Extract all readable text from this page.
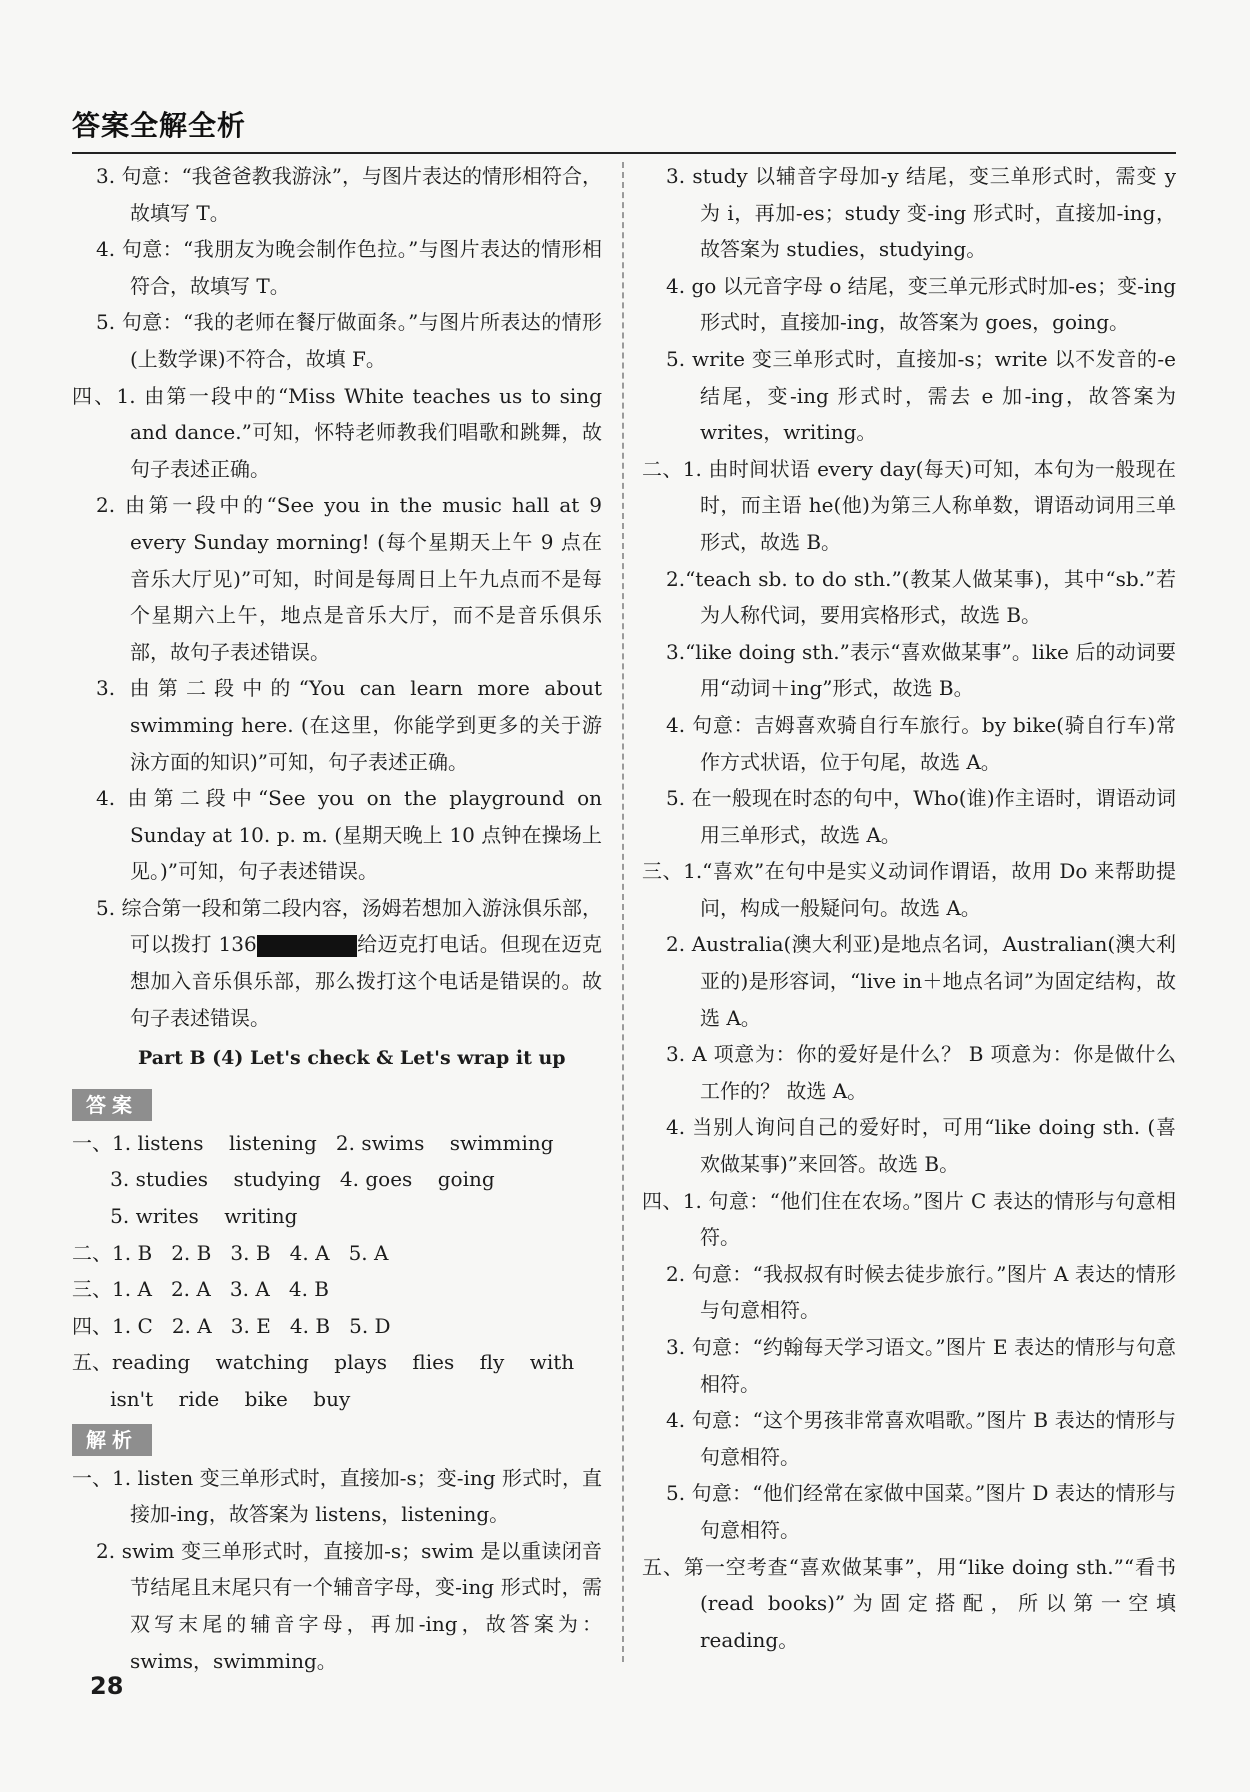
答案全解全析

3. 句意：“我爸爸教我游泳”，与图片表达的情形相符合，故填写 T。

4. 句意：“我朋友为晚会制作色拉。”与图片表达的情形相符合，故填写 T。

5. 句意：“我的老师在餐厅做面条。”与图片所表达的情形(上数学课)不符合，故填 F。

四、1. 由第一段中的“Miss White teaches us to sing and dance.”可知，怀特老师教我们唱歌和跳舞，故句子表述正确。

2. 由第一段中的“See you in the music hall at 9 every Sunday morning! (每个星期天上午 9 点在音乐大厅见)”可知，时间是每周日上午九点而不是每个星期六上午，地点是音乐大厅，而不是音乐俱乐部，故句子表述错误。

3. 由第二段中的“You can learn more about swimming here. (在这里，你能学到更多的关于游泳方面的知识)”可知，句子表述正确。

4. 由第二段中“See you on the playground on Sunday at 10. p. m. (星期天晚上 10 点钟在操场上见。)”可知，句子表述错误。

5. 综合第一段和第二段内容，汤姆若想加入游泳俱乐部，可以拨打 136	给迈克打电话。但现在迈克想加入音乐俱乐部，那么拨打这个电话是错误的。故句子表述错误。

Part B (4) Let's check & Let's wrap it up
答案

一、1. listens    listening   2. swims    swimming

3. studies    studying   4. goes    going

5. writes    writing

二、1. B   2. B   3. B   4. A   5. A

三、1. A   2. A   3. A   4. B

四、1. C   2. A   3. E   4. B   5. D

五、reading    watching    plays    flies    fly    with

isn't    ride    bike    buy

解析

一、1. listen 变三单形式时，直接加-s；变-ing 形式时，直接加-ing，故答案为 listens，listening。

2. swim 变三单形式时，直接加-s；swim 是以重读闭音节结尾且末尾只有一个辅音字母，变-ing 形式时，需双写末尾的辅音字母，再加-ing，故答案为：swims，swimming。

3. study 以辅音字母加-y 结尾，变三单形式时，需变 y 为 i，再加-es；study 变-ing 形式时，直接加-ing，故答案为 studies，studying。

4. go 以元音字母 o 结尾，变三单元形式时加-es；变-ing 形式时，直接加-ing，故答案为 goes，going。

5. write 变三单形式时，直接加-s；write 以不发音的-e 结尾，变-ing 形式时，需去 e 加-ing，故答案为 writes，writing。

二、1. 由时间状语 every day(每天)可知，本句为一般现在时，而主语 he(他)为第三人称单数，谓语动词用三单形式，故选 B。

2.“teach sb. to do sth.”(教某人做某事)，其中“sb.”若为人称代词，要用宾格形式，故选 B。

3.“like doing sth.”表示“喜欢做某事”。like 后的动词要用“动词＋ing”形式，故选 B。

4. 句意：吉姆喜欢骑自行车旅行。by bike(骑自行车)常作方式状语，位于句尾，故选 A。

5. 在一般现在时态的句中，Who(谁)作主语时，谓语动词用三单形式，故选 A。

三、1.“喜欢”在句中是实义动词作谓语，故用 Do 来帮助提问，构成一般疑问句。故选 A。

2. Australia(澳大利亚)是地点名词，Australian(澳大利亚的)是形容词，“live in＋地点名词”为固定结构，故选 A。

3. A 项意为：你的爱好是什么？ B 项意为：你是做什么工作的？ 故选 A。

4. 当别人询问自己的爱好时，可用“like doing sth. (喜欢做某事)”来回答。故选 B。

四、1. 句意：“他们住在农场。”图片 C 表达的情形与句意相符。

2. 句意：“我叔叔有时候去徒步旅行。”图片 A 表达的情形与句意相符。

3. 句意：“约翰每天学习语文。”图片 E 表达的情形与句意相符。

4. 句意：“这个男孩非常喜欢唱歌。”图片 B 表达的情形与句意相符。

5. 句意：“他们经常在家做中国菜。”图片 D 表达的情形与句意相符。

五、第一空考查“喜欢做某事”，用“like doing sth.”“看书(read books)”为固定搭配，所以第一空填 reading。

28
